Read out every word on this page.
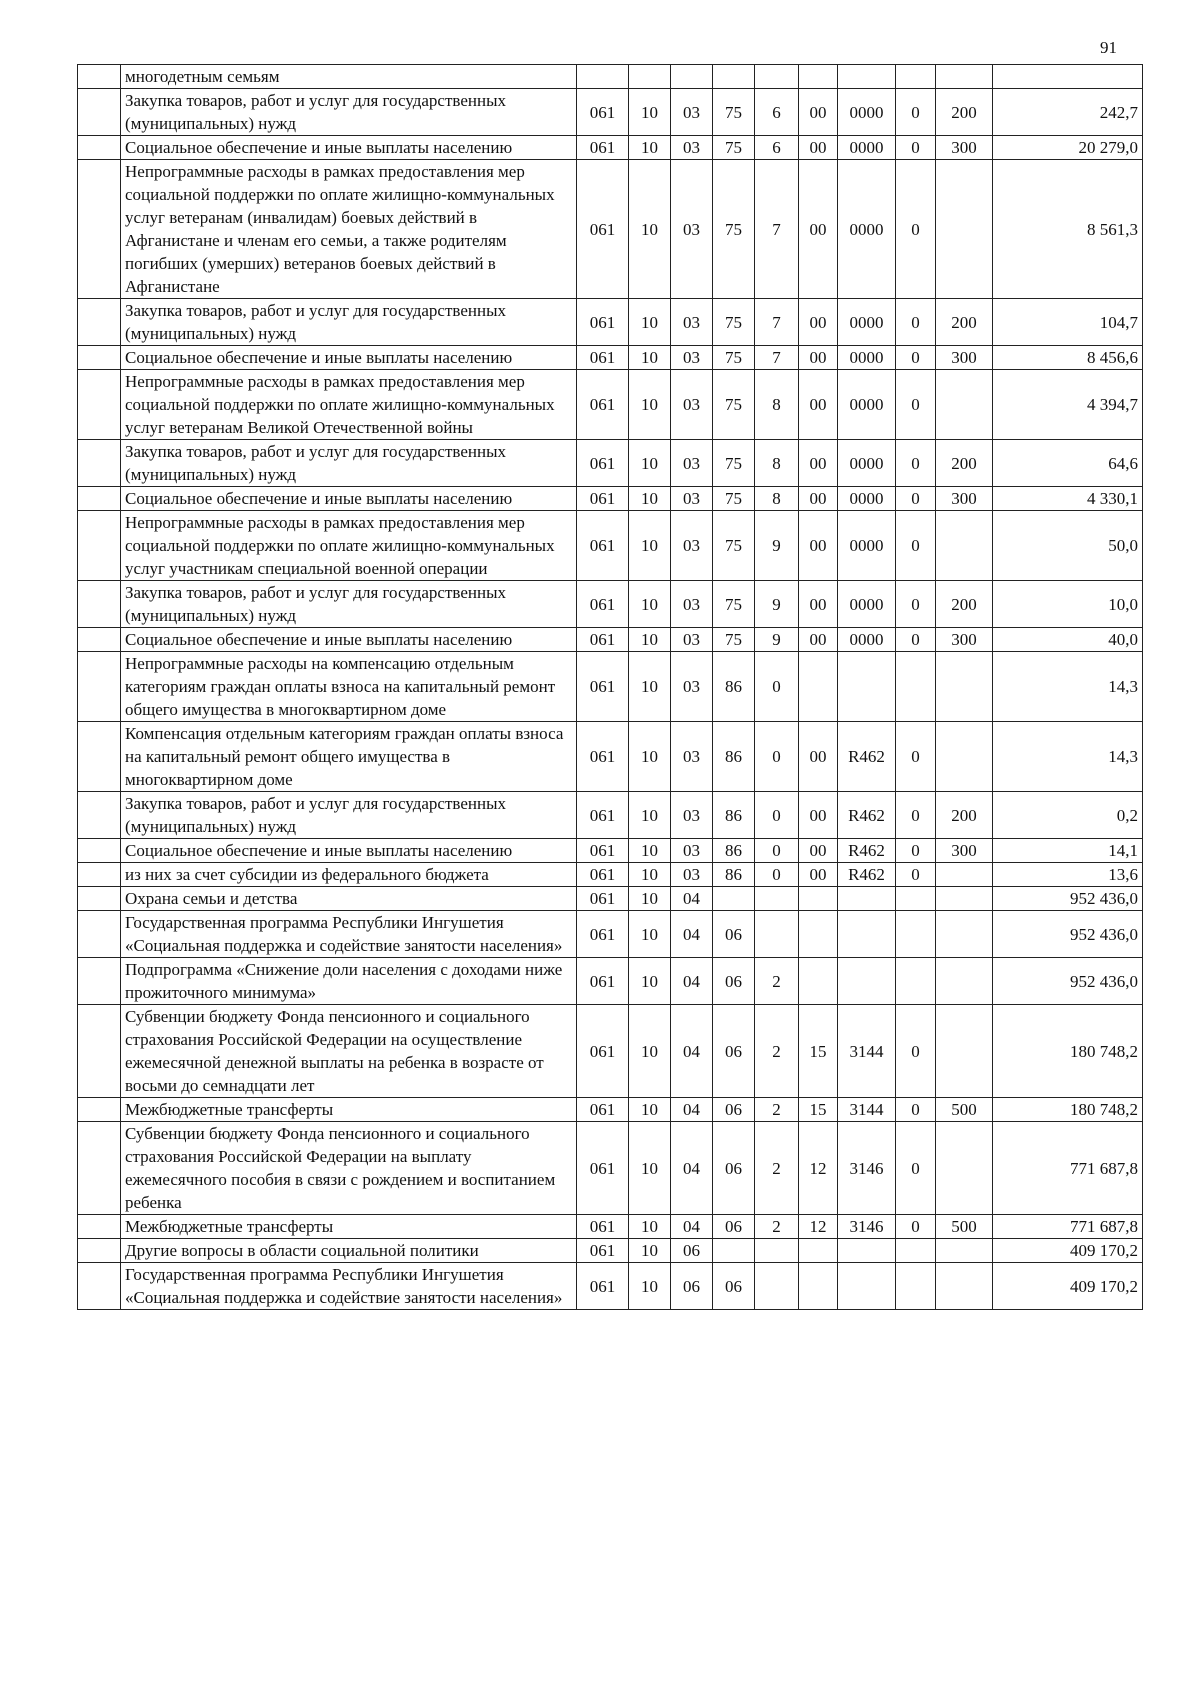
91
	многодетным семьям										
	Закупка товаров, работ и услуг для государственных (муниципальных) нужд	061	10	03	75	6	00	0000	0	200	242,7
	Социальное обеспечение и иные выплаты населению	061	10	03	75	6	00	0000	0	300	20 279,0
	Непрограммные расходы в рамках предоставления мер социальной поддержки по оплате жилищно-коммунальных услуг ветеранам (инвалидам) боевых действий в Афганистане и членам его семьи, а также родителям погибших (умерших) ветеранов боевых действий в Афганистане	061	10	03	75	7	00	0000	0		8 561,3
	Закупка товаров, работ и услуг для государственных (муниципальных) нужд	061	10	03	75	7	00	0000	0	200	104,7
	Социальное обеспечение и иные выплаты населению	061	10	03	75	7	00	0000	0	300	8 456,6
	Непрограммные расходы в рамках предоставления мер социальной поддержки по оплате жилищно-коммунальных услуг ветеранам Великой Отечественной войны	061	10	03	75	8	00	0000	0		4 394,7
	Закупка товаров, работ и услуг для государственных (муниципальных) нужд	061	10	03	75	8	00	0000	0	200	64,6
	Социальное обеспечение и иные выплаты населению	061	10	03	75	8	00	0000	0	300	4 330,1
	Непрограммные расходы в рамках предоставления мер социальной поддержки по оплате жилищно-коммунальных услуг участникам специальной военной операции	061	10	03	75	9	00	0000	0		50,0
	Закупка товаров, работ и услуг для государственных (муниципальных) нужд	061	10	03	75	9	00	0000	0	200	10,0
	Социальное обеспечение и иные выплаты населению	061	10	03	75	9	00	0000	0	300	40,0
	Непрограммные расходы на компенсацию отдельным категориям граждан оплаты взноса на капитальный ремонт общего имущества в многоквартирном доме	061	10	03	86	0					14,3
	Компенсация отдельным категориям граждан оплаты взноса на капитальный ремонт общего имущества в многоквартирном доме	061	10	03	86	0	00	R462	0		14,3
	Закупка товаров, работ и услуг для государственных (муниципальных) нужд	061	10	03	86	0	00	R462	0	200	0,2
	Социальное обеспечение и иные выплаты населению	061	10	03	86	0	00	R462	0	300	14,1
	из них за счет субсидии из федерального бюджета	061	10	03	86	0	00	R462	0		13,6
	Охрана семьи и детства	061	10	04							952 436,0
	Государственная программа Республики Ингушетия «Социальная поддержка и содействие занятости населения»	061	10	04	06						952 436,0
	Подпрограмма «Снижение доли населения с доходами ниже прожиточного минимума»	061	10	04	06	2					952 436,0
	Субвенции бюджету Фонда пенсионного и социального страхования Российской Федерации на осуществление ежемесячной денежной выплаты на ребенка в возрасте от восьми до семнадцати лет	061	10	04	06	2	15	3144	0		180 748,2
	Межбюджетные трансферты	061	10	04	06	2	15	3144	0	500	180 748,2
	Субвенции бюджету Фонда пенсионного и социального страхования Российской Федерации на выплату ежемесячного пособия в связи с рождением и воспитанием ребенка	061	10	04	06	2	12	3146	0		771 687,8
	Межбюджетные трансферты	061	10	04	06	2	12	3146	0	500	771 687,8
	Другие вопросы в области социальной политики	061	10	06							409 170,2
	Государственная программа Республики Ингушетия «Социальная поддержка и содействие занятости населения»	061	10	06	06						409 170,2
